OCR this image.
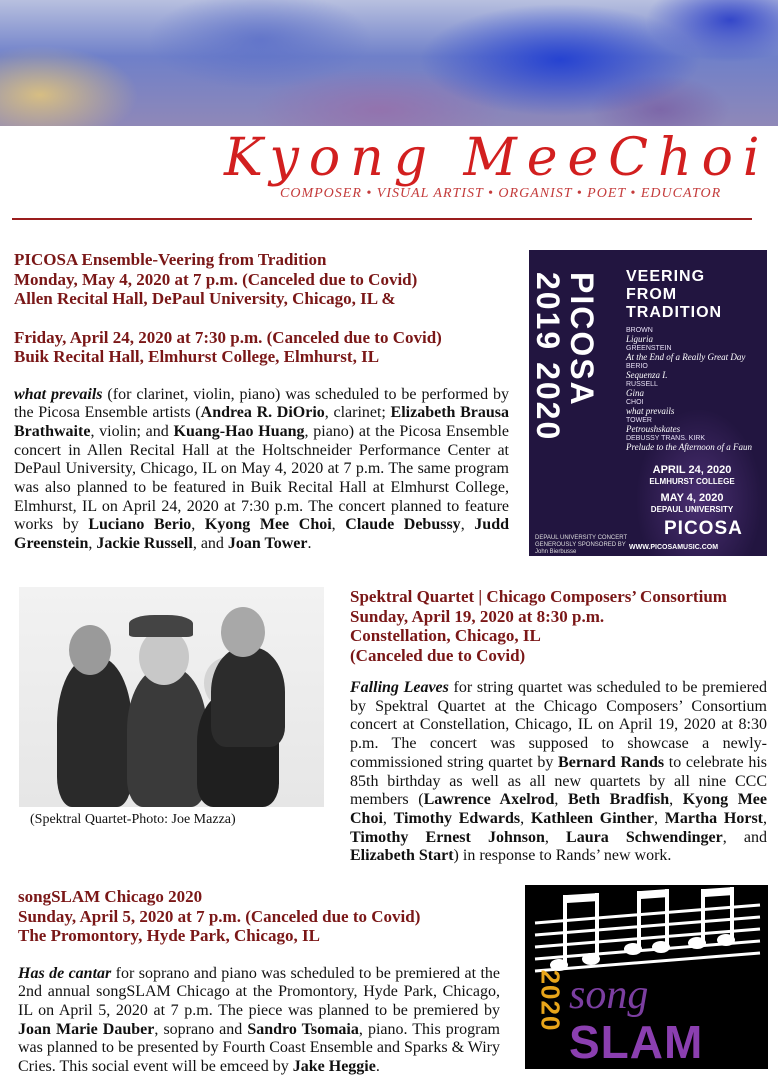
Kyong MeeChoi
COMPOSER • VISUAL ARTIST • ORGANIST • POET • EDUCATOR

PICOSA Ensemble-Veering from Tradition

Monday, May 4, 2020 at 7 p.m. (Canceled due to Covid)

Allen Recital Hall, DePaul University, Chicago, IL &

Friday, April 24, 2020 at 7:30 p.m. (Canceled due to Covid)

Buik Recital Hall, Elmhurst College, Elmhurst, IL

what prevails (for clarinet, violin, piano) was scheduled to be performed by the Picosa Ensemble artists (Andrea R. DiOrio, clarinet; Elizabeth Brausa Brathwaite, violin; and Kuang-Hao Huang, piano) at the Picosa Ensemble concert in Allen Recital Hall at the Holtschneider Performance Center at DePaul University, Chicago, IL on May 4, 2020 at 7 p.m. The same program was also planned to be featured in Buik Recital Hall at Elmhurst College, Elmhurst, IL on April 24, 2020 at 7:30 p.m. The concert planned to feature works by Luciano Berio, Kyong Mee Choi, Claude Debussy, Judd Greenstein, Jackie Russell, and Joan Tower.

PICOSA 2019 2020	VEERING
FROM
TRADITION
BROWN
Liguria
GREENSTEIN
At the End of a Really Great Day
BERIO
Sequenza I.
RUSSELL
Gina
CHOI
what prevails
TOWER
Petroushskates
DEBUSSY TRANS. KIRK
Prelude to the Afternoon of a Faun
APRIL 24, 2020
ELMHURST COLLEGE
MAY 4, 2020
DEPAUL UNIVERSITY
PICOSA
DEPAUL UNIVERSITY CONCERT
GENEROUSLY SPONSORED BY
John Bierbusse
WWW.PICOSAMUSIC.COM
(Spektral Quartet-Photo: Joe Mazza)

Spektral Quartet | Chicago Composers’ Consortium

Sunday, April 19, 2020 at 8:30 p.m.

Constellation, Chicago, IL

(Canceled due to Covid)

Falling Leaves for string quartet was scheduled to be premiered by Spektral Quartet at the Chicago Composers’ Consortium concert at Constellation, Chicago, IL on April 19, 2020 at 8:30 p.m. The concert was supposed to showcase a newly-commissioned string quartet by Bernard Rands to celebrate his 85th birthday as well as all new quartets by all nine CCC members (Lawrence Axelrod, Beth Bradfish, Kyong Mee Choi, Timothy Edwards, Kathleen Ginther, Martha Horst, Timothy Ernest Johnson, Laura Schwendinger, and Elizabeth Start) in response to Rands’ new work.

songSLAM Chicago 2020

Sunday, April 5, 2020 at 7 p.m. (Canceled due to Covid)

The Promontory, Hyde Park, Chicago, IL

Has de cantar for soprano and piano was scheduled to be premiered at the 2nd annual songSLAM Chicago at the Promontory, Hyde Park, Chicago, IL on April 5, 2020 at 7 p.m. The piece was planned to be premiered by Joan Marie Dauber, soprano and Sandro Tsomaia, piano. This program was planned to be presented by Fourth Coast Ensemble and Sparks & Wiry Cries. This social event will be emceed by Jake Heggie.

2020 song
SLAM
